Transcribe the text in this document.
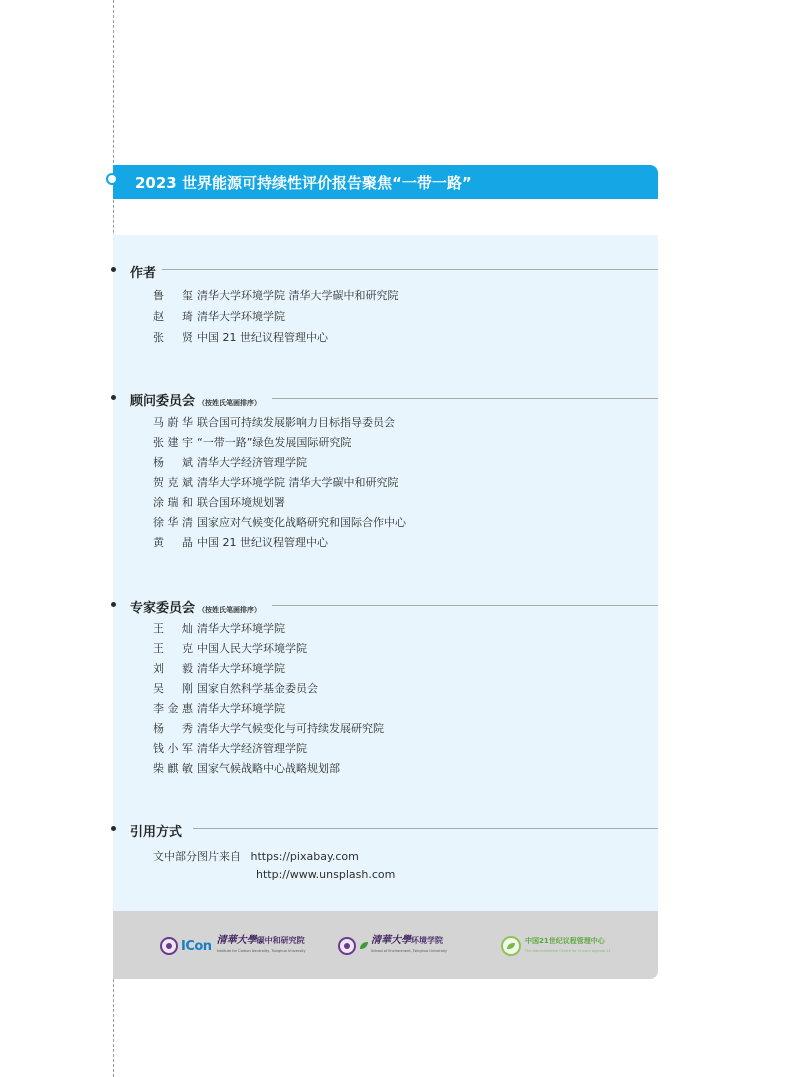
2023 世界能源可持续性评价报告聚焦“一带一路”
作者
鲁　玺 清华大学环境学院 清华大学碳中和研究院
赵　琦 清华大学环境学院
张　贤 中国 21 世纪议程管理中心
顾问委员会 （按姓氏笔画排序）
马蔚华 联合国可持续发展影响力目标指导委员会
张建宇 “一带一路”绿色发展国际研究院
杨　斌 清华大学经济管理学院
贺克斌 清华大学环境学院 清华大学碳中和研究院
涂瑞和 联合国环境规划署
徐华清 国家应对气候变化战略研究和国际合作中心
黄　晶 中国 21 世纪议程管理中心
专家委员会 （按姓氏笔画排序）
王　灿 清华大学环境学院
王　克 中国人民大学环境学院
刘　毅 清华大学环境学院
吴　刚 国家自然科学基金委员会
李金惠 清华大学环境学院
杨　秀 清华大学气候变化与可持续发展研究院
钱小军 清华大学经济管理学院
柴麒敏 国家气候战略中心战略规划部
引用方式
文中部分图片来自 https://pixabay.com
http://www.unsplash.com
ICon 清華大學碳中和研究院
Institute for Carbon Neutrality, Tsinghua University
清華大學环境学院
School of Environment, Tsinghua University
中国21世纪议程管理中心
The Administrative Centre for China's Agenda 21
